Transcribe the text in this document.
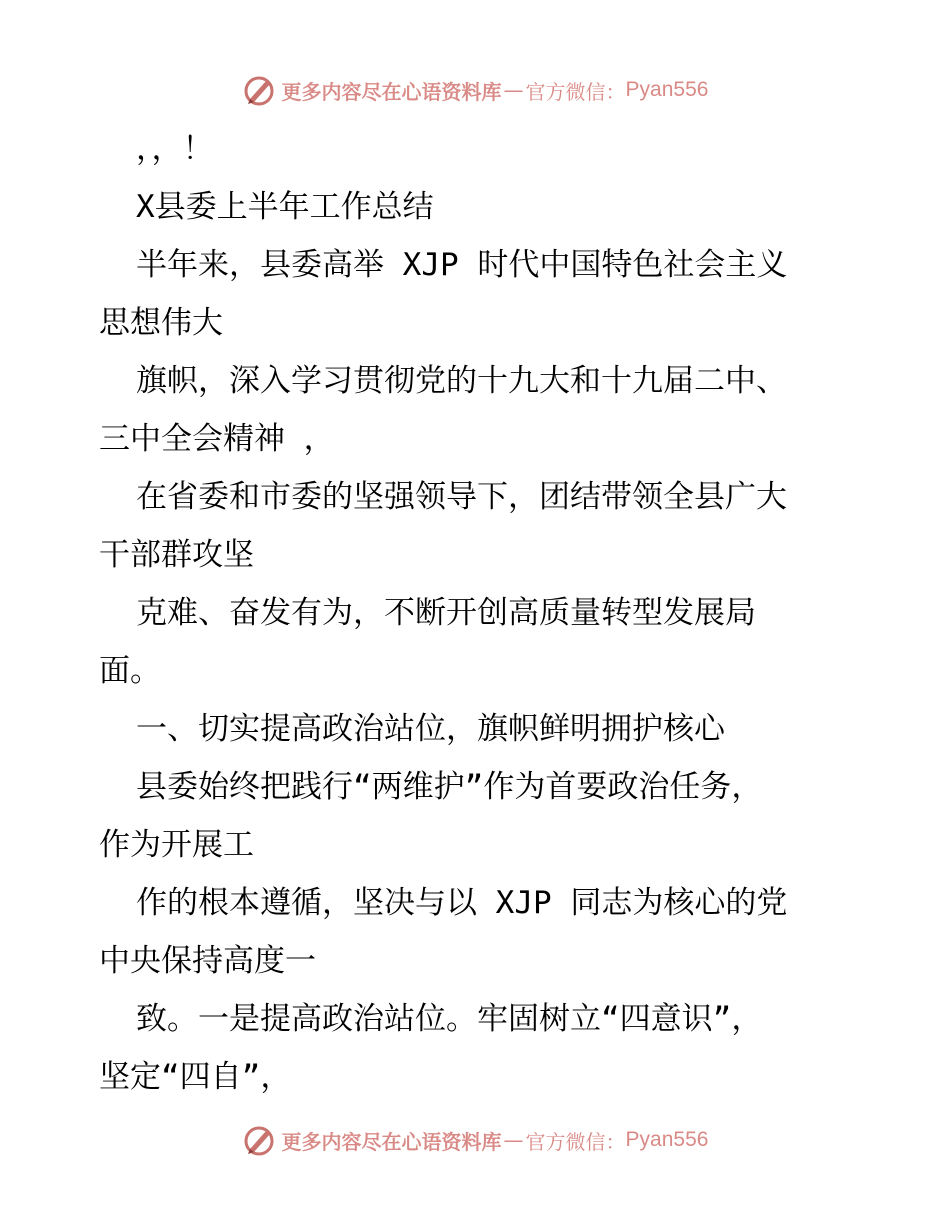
更多内容尽在心语资料库 — 官方微信： Pyan556

，，！

X县委上半年工作总结

半年来，县委高举 XJP 时代中国特色社会主义

思想伟大

旗帜，深入学习贯彻党的十九大和十九届二中、

三中全会精神 ，

在省委和市委的坚强领导下，团结带领全县广大

干部群攻坚

克难、奋发有为，不断开创高质量转型发展局

面。

一、切实提高政治站位，旗帜鲜明拥护核心

县委始终把践行“两维护”作为首要政治任务，

作为开展工

作的根本遵循，坚决与以 XJP 同志为核心的党

中央保持高度一

致。一是提高政治站位。牢固树立“四意识”，

坚定“四自”，

更多内容尽在心语资料库 — 官方微信： Pyan556
